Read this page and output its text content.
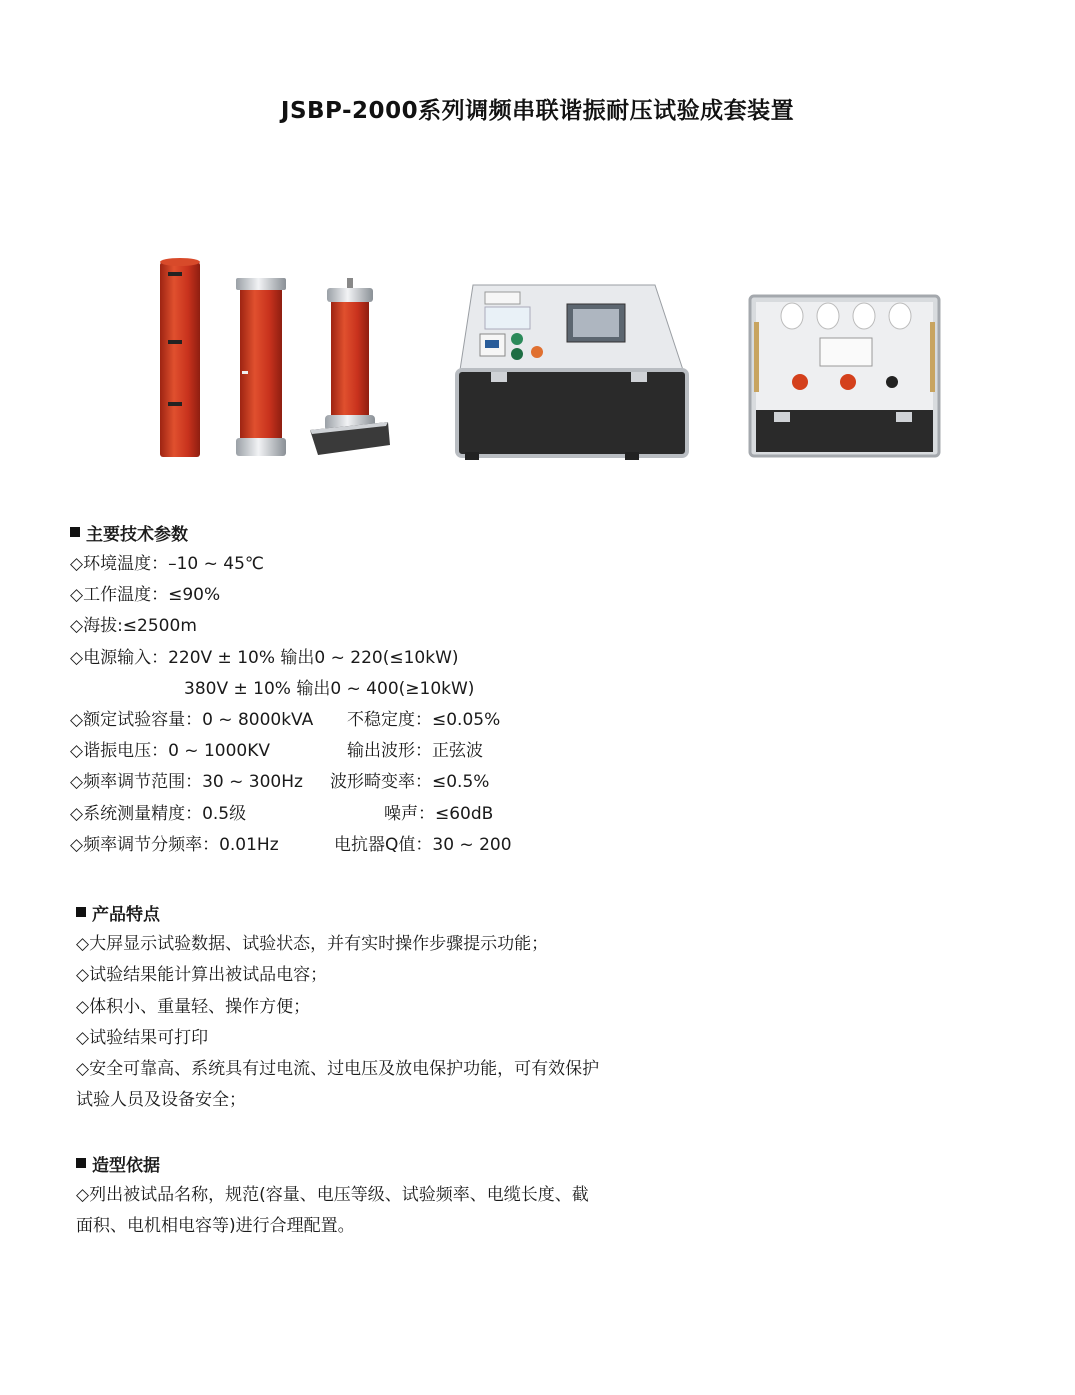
JSBP-2000系列调频串联谐振耐压试验成套装置
主要技术参数
◇环境温度：–10 ~ 45℃
◇工作温度：≤90%
◇海拔:≤2500m
◇电源输入：220V ± 10% 输出0 ~ 220(≤10kW)
380V ± 10% 输出0 ~ 400(≥10kW)
◇额定试验容量：0 ~ 8000kVA 不稳定度：≤0.05%
◇谐振电压：0 ~ 1000KV	输出波形：正弦波
◇频率调节范围：30 ~ 300Hz 波形畸变率：≤0.5%
◇系统测量精度：0.5级	噪声：≤60dB
◇频率调节分频率：0.01Hz	电抗器Q值：30 ~ 200
产品特点
◇大屏显示试验数据、试验状态，并有实时操作步骤提示功能；
◇试验结果能计算出被试品电容；
◇体积小、重量轻、操作方便；
◇试验结果可打印
◇安全可靠高、系统具有过电流、过电压及放电保护功能，可有效保护
试验人员及设备安全；
造型依据
◇列出被试品名称，规范(容量、电压等级、试验频率、电缆长度、截
面积、电机相电容等)进行合理配置。
